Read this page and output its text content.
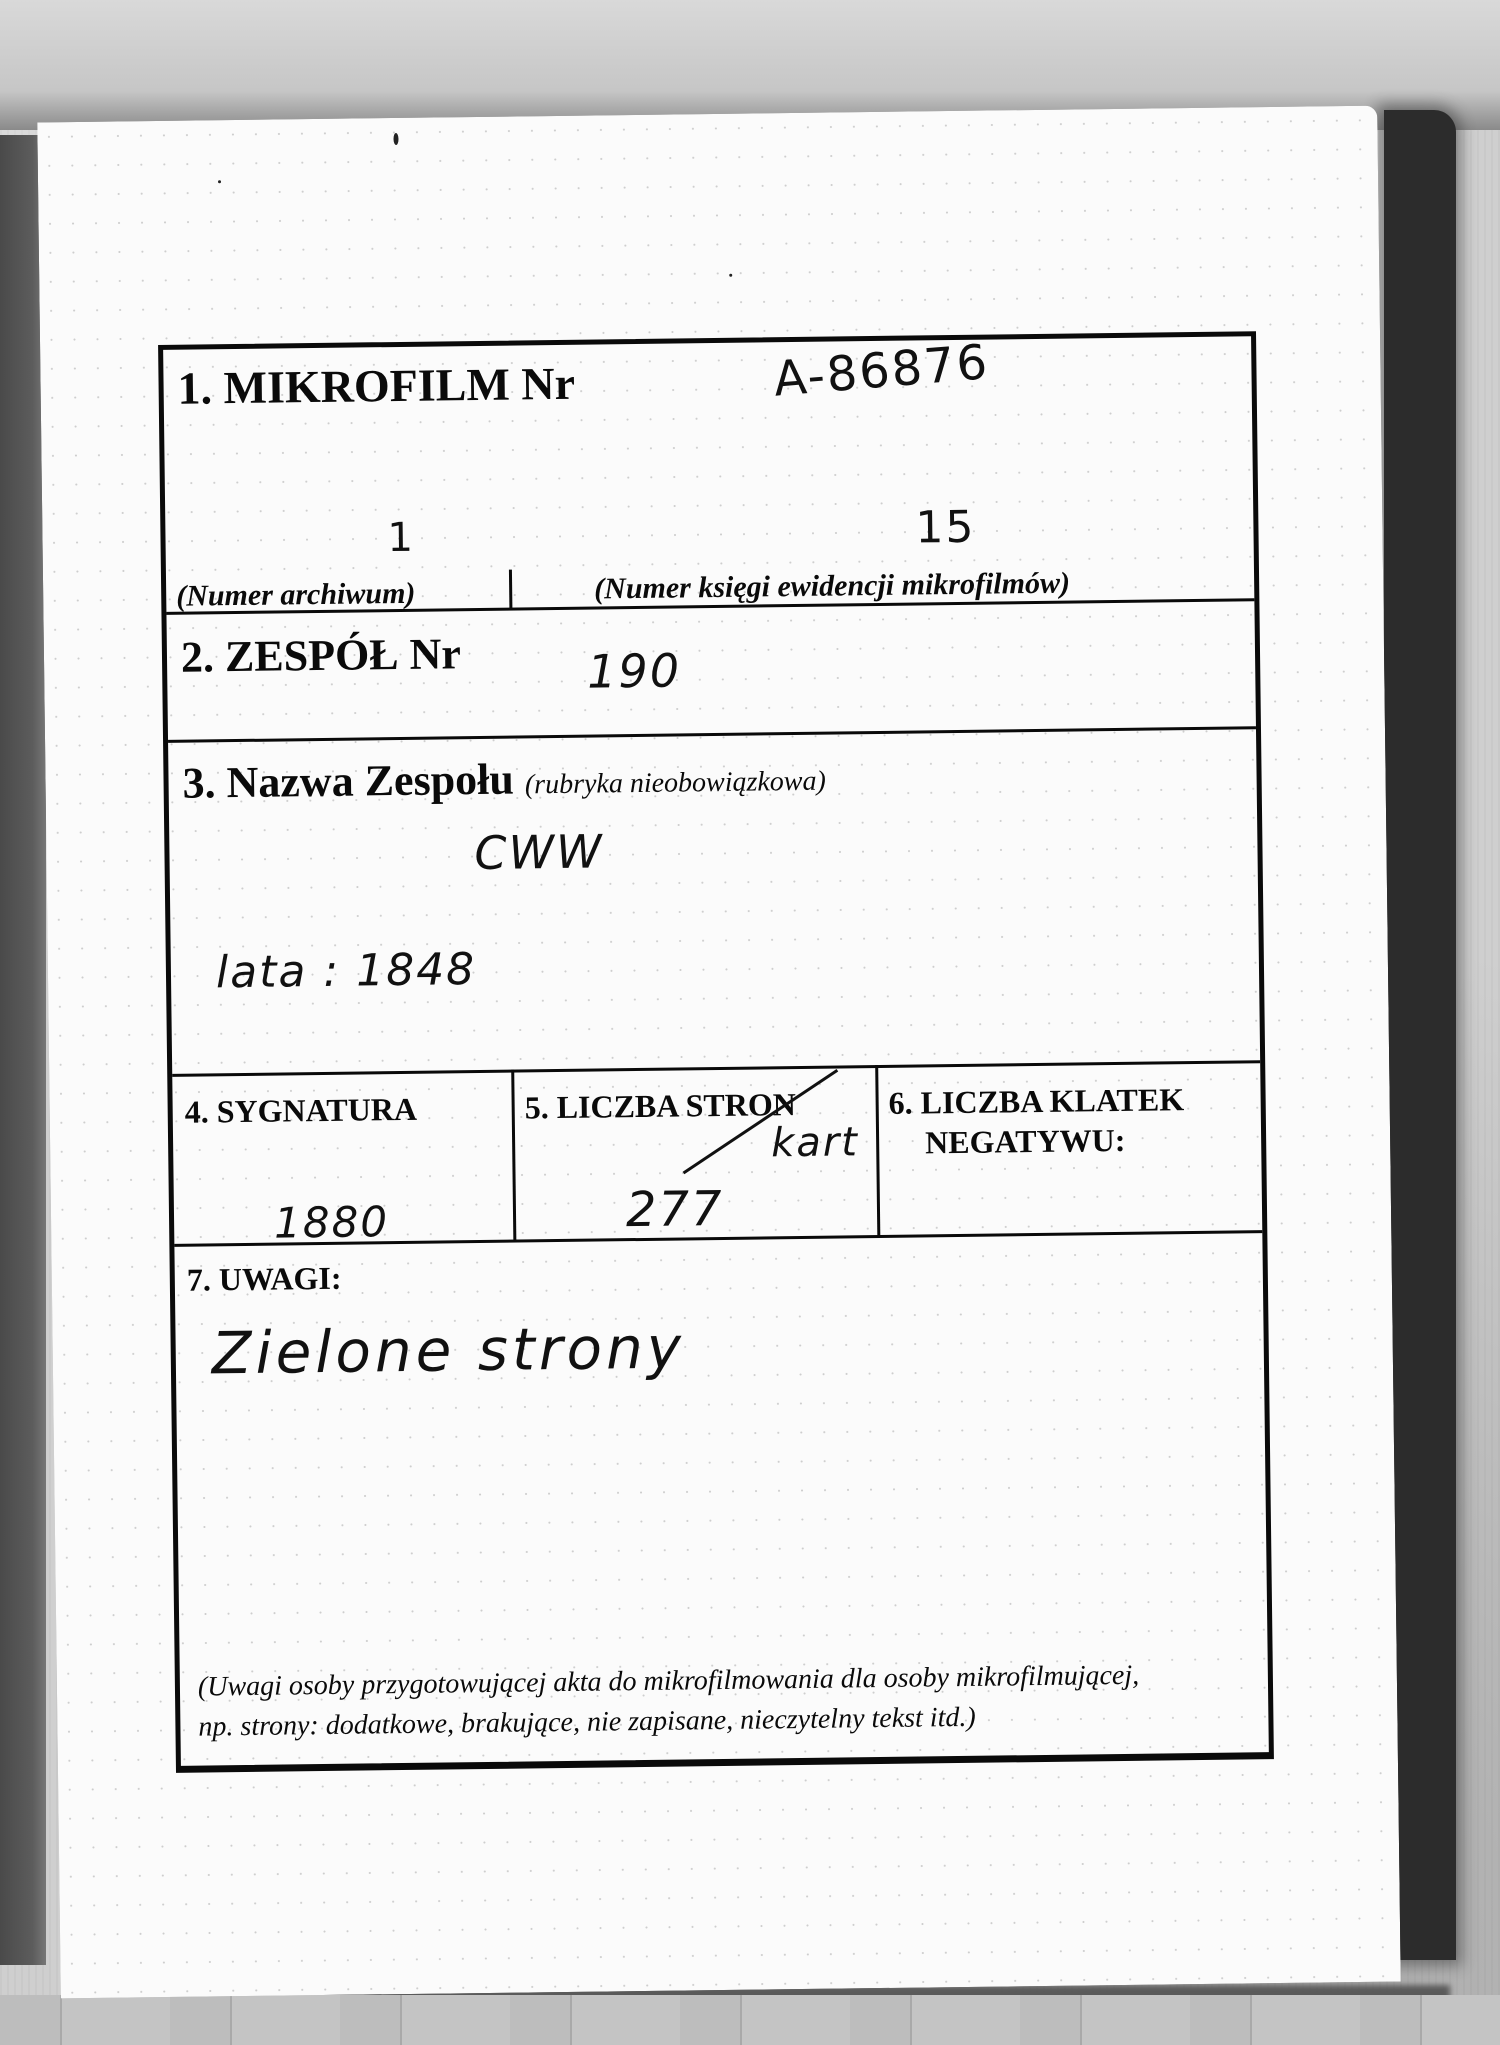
1. MIKROFILM Nr	A-86876
1	15
(Numer archiwum)	(Numer księgi ewidencji mikrofilmów)
2. ZESPÓŁ Nr	190
3. Nazwa Zespołu (rubryka nieobowiązkowa)
CWW
lata : 1848
4. SYGNATURA
1880
5. LICZBA STRON
kart
277
6. LICZBA KLATEK
NEGATYWU:
7. UWAGI:
Zielone strony
(Uwagi osoby przygotowującej akta do mikrofilmowania dla osoby mikrofilmującej,
np. strony: dodatkowe, brakujące, nie zapisane, nieczytelny tekst itd.)
